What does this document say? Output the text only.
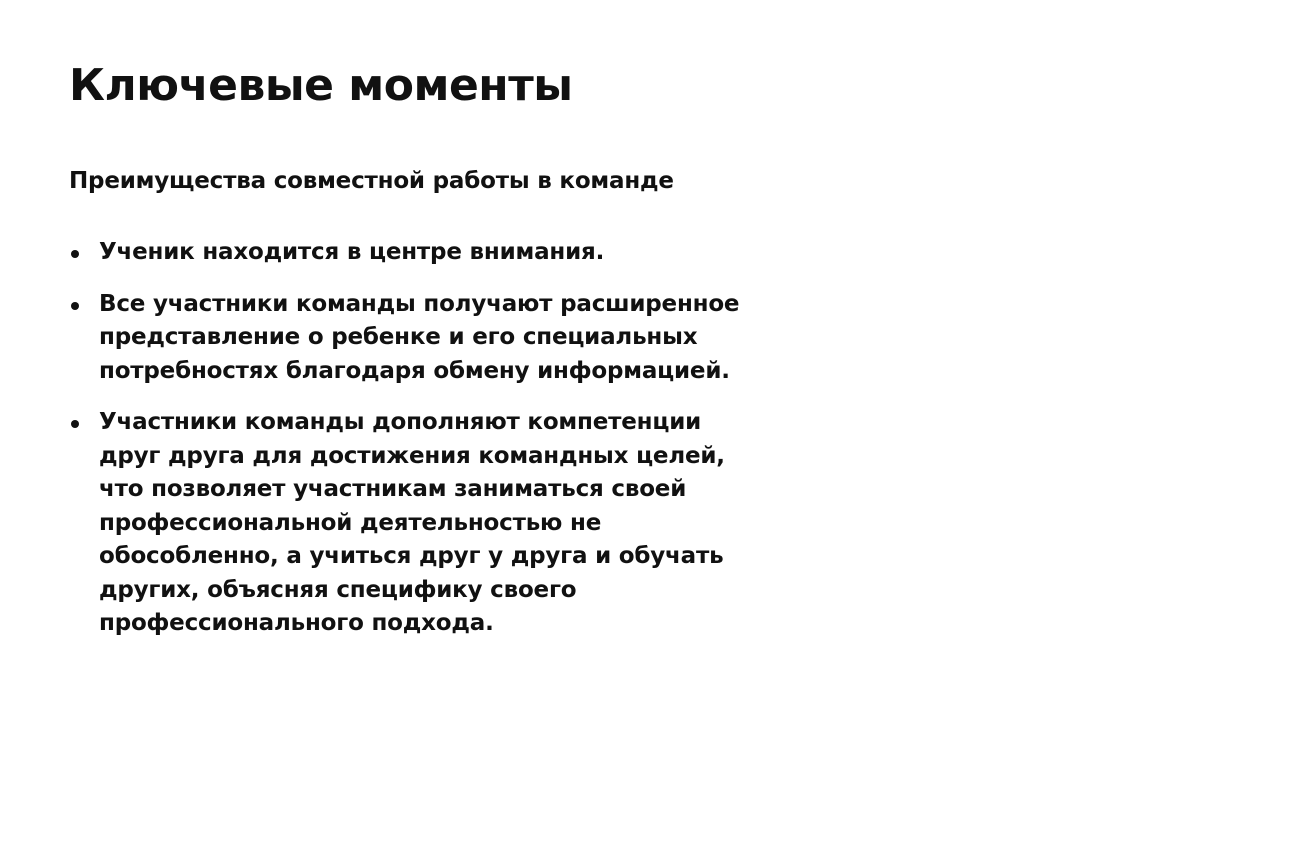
Ключевые моменты
Преимущества совместной работы в команде
Ученик находится в центре внимания.
Все участники команды получают расширенное
представление о ребенке и его специальных
потребностях благодаря обмену информацией.
Участники команды дополняют компетенции
друг друга для достижения командных целей,
что позволяет участникам заниматься своей
профессиональной деятельностью не
обособленно, а учиться друг у друга и обучать
других, объясняя специфику своего
профессионального подхода.
